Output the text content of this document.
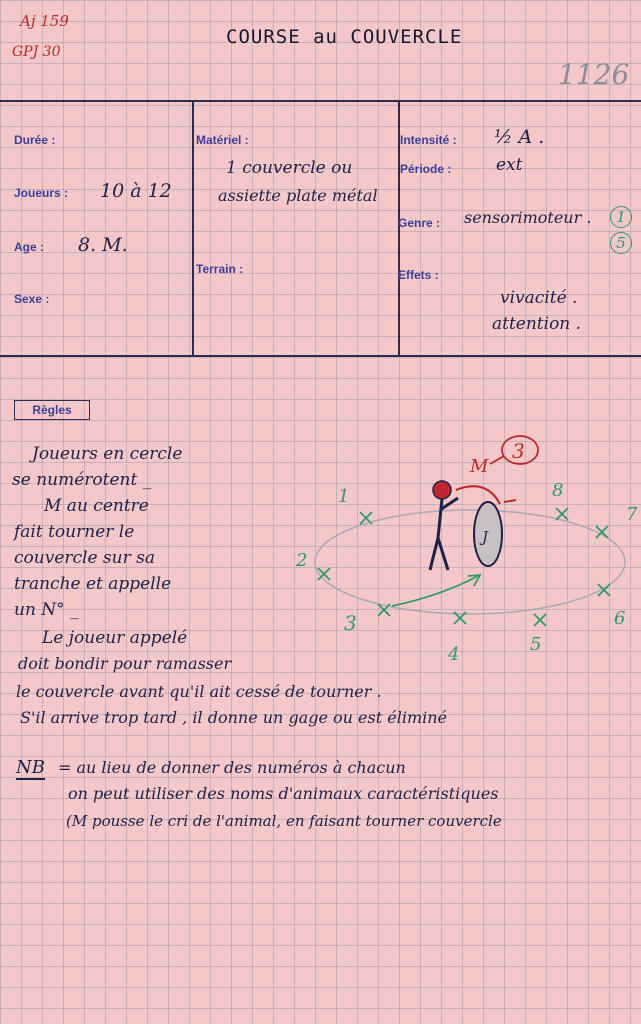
Aj 159
GPJ 30
COURSE au COUVERCLE
1126
Durée :
Joueurs : 10 à 12
Age : 8. M.
Sexe :
Matériel :
1 couvercle ou
assiette plate métal
Terrain :
Intensité : ½ A .
Période :	ext
Genre : sensorimoteur .	1
5
Effets :
vivacité .
attention .
Règles
Joueurs en cercle
se numérotent _
M au centre
fait tourner le
couvercle sur sa
tranche et appelle
un N° _
Le joueur appelé
doit bondir pour ramasser
le couvercle avant qu'il ait cessé de tourner .
S'il arrive trop tard , il donne un gage ou est éliminé
NB = au lieu de donner des numéros à chacun
on peut utiliser des noms d'animaux caractéristiques
(M pousse le cri de l'animal, en faisant tourner couvercle
1
2
3
4	5
6
7
8
J
M
3
